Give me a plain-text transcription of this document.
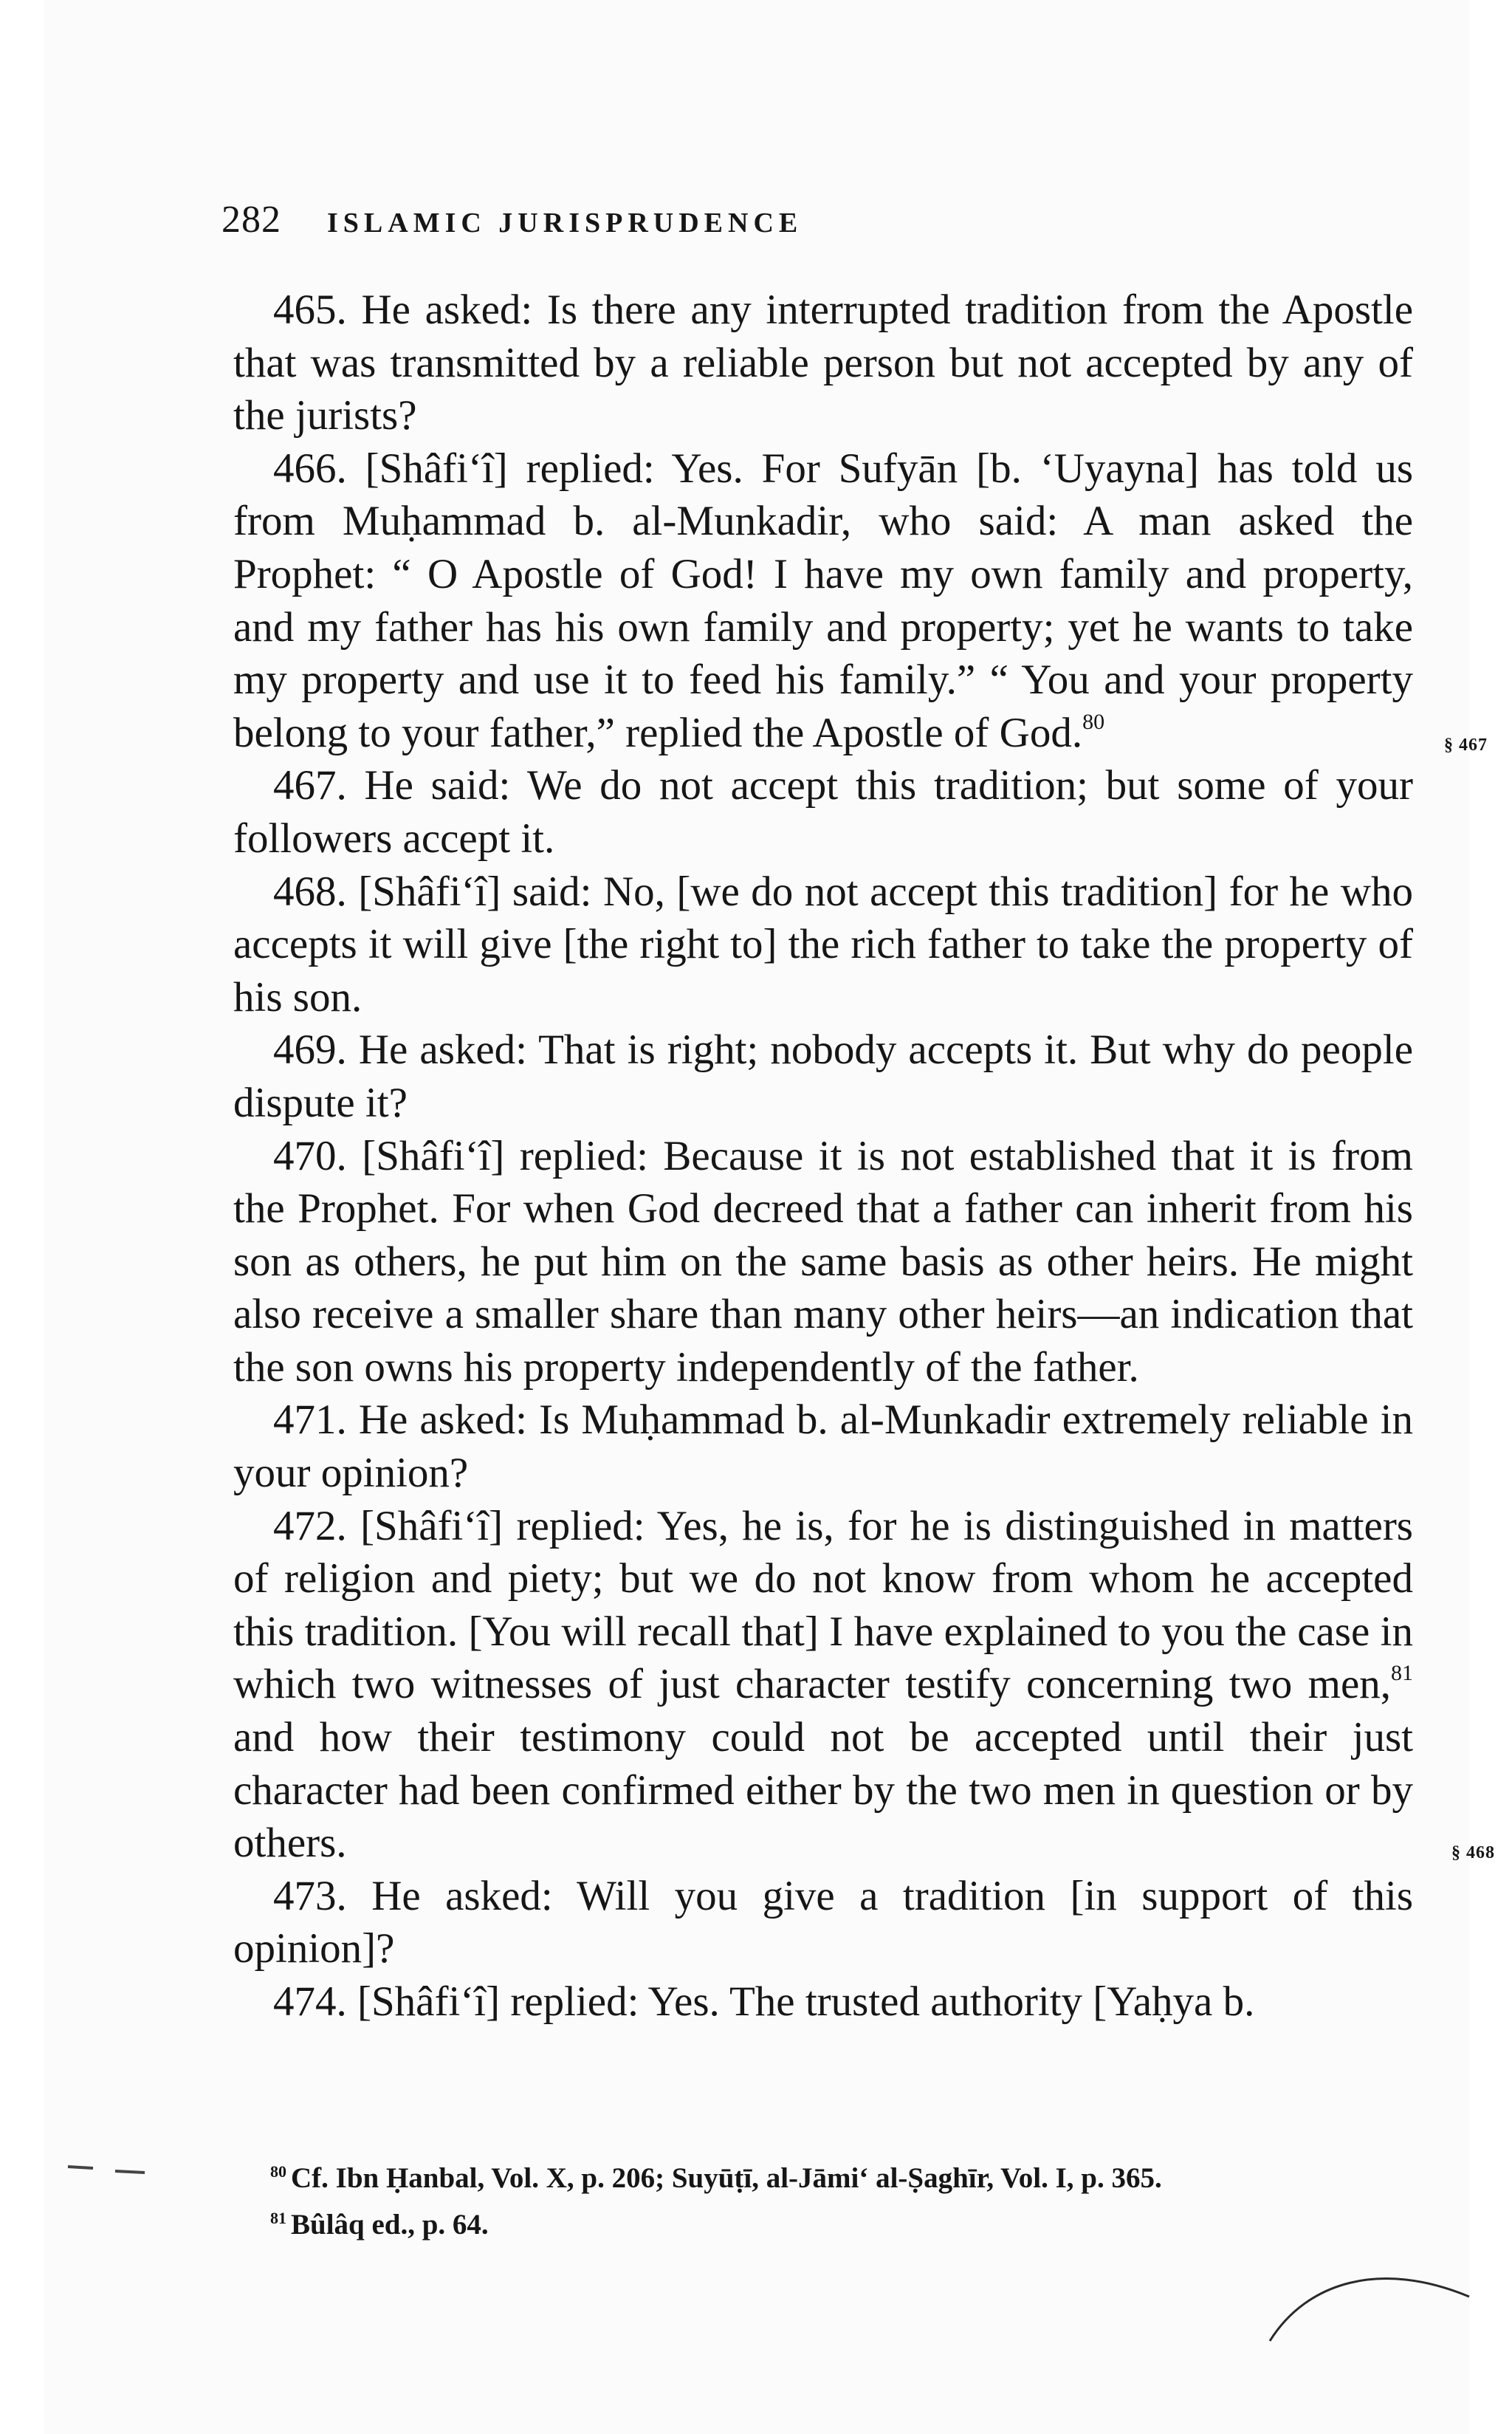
282 ISLAMIC JURISPRUDENCE

465. He asked: Is there any interrupted tradition from the Apostle that was transmitted by a reliable person but not accepted by any of the jurists?

466. [Shâfi‘î] replied: Yes. For Sufyān [b. ‘Uyayna] has told us from Muḥammad b. al-Munkadir, who said: A man asked the Prophet: “ O Apostle of God! I have my own family and property, and my father has his own family and property; yet he wants to take my property and use it to feed his family.” “ You and your property belong to your father,” replied the Apostle of God.$^{80}$

467. He said: We do not accept this tradition; but some of your followers accept it.

468. [Shâfi‘î] said: No, [we do not accept this tradition] for he who accepts it will give [the right to] the rich father to take the property of his son.

469. He asked: That is right; nobody accepts it. But why do people dispute it?

470. [Shâfi‘î] replied: Because it is not established that it is from the Prophet. For when God decreed that a father can inherit from his son as others, he put him on the same basis as other heirs. He might also receive a smaller share than many other heirs—an indication that the son owns his property independently of the father.

471. He asked: Is Muḥammad b. al-Munkadir extremely reliable in your opinion?

472. [Shâfi‘î] replied: Yes, he is, for he is distinguished in matters of religion and piety; but we do not know from whom he accepted this tradition. [You will recall that] I have explained to you the case in which two witnesses of just character testify concerning two men,$^{81}$ and how their testimony could not be accepted until their just character had been confirmed either by the two men in question or by others.

473. He asked: Will you give a tradition [in support of this opinion]?

474. [Shâfi‘î] replied: Yes. The trusted authority [Yaḥya b.

§ 467
§ 468

$^{80}$ Cf. Ibn Ḥanbal, Vol. X, p. 206; Suyūṭī, al-Jāmi‘ al-Ṣaghīr, Vol. I, p. 365.

$^{81}$ Bûlâq ed., p. 64.
